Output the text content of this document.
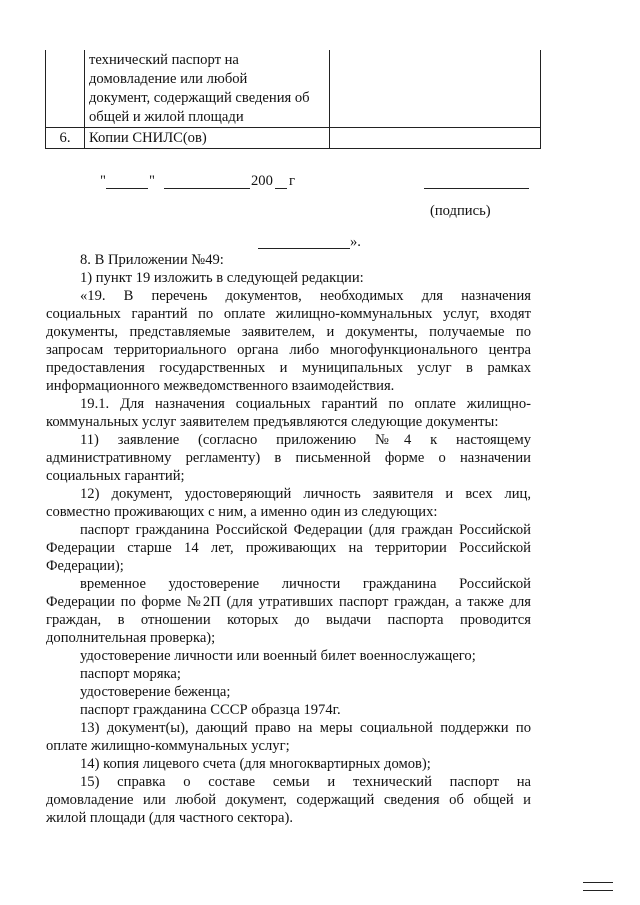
	технический паспорт на
домовладение или любой
документ, содержащий сведения об
общей и жилой площади	

6.	Копии СНИЛС(ов)	
"	"	200 г
(подпись)
».
8. В Приложении №49:
1) пункт 19 изложить в следующей редакции:
«19. В перечень документов, необходимых для назначения
социальных гарантий по оплате жилищно-коммунальных услуг, входят
документы, представляемые заявителем, и документы, получаемые по
запросам территориального органа либо многофункционального центра
предоставления государственных и муниципальных услуг в рамках
информационного межведомственного взаимодействия.
19.1. Для назначения социальных гарантий по оплате жилищно-
коммунальных услуг заявителем предъявляются следующие документы:
11) заявление (согласно приложению №4 к настоящему
административному регламенту) в письменной форме о назначении
социальных гарантий;
12) документ, удостоверяющий личность заявителя и всех лиц,
совместно проживающих с ним, а именно один из следующих:
паспорт гражданина Российской Федерации (для граждан Российской
Федерации старше 14 лет, проживающих на территории Российской
Федерации);
временное удостоверение личности гражданина Российской
Федерации по форме №2П (для утративших паспорт граждан, а также для
граждан, в отношении которых до выдачи паспорта проводится
дополнительная проверка);
удостоверение личности или военный билет военнослужащего;
паспорт моряка;
удостоверение беженца;
паспорт гражданина СССР образца 1974г.
13) документ(ы), дающий право на меры социальной поддержки по
оплате жилищно-коммунальных услуг;
14) копия лицевого счета (для многоквартирных домов);
15) справка о составе семьи и технический паспорт на
домовладение или любой документ, содержащий сведения об общей и
жилой площади (для частного сектора).
